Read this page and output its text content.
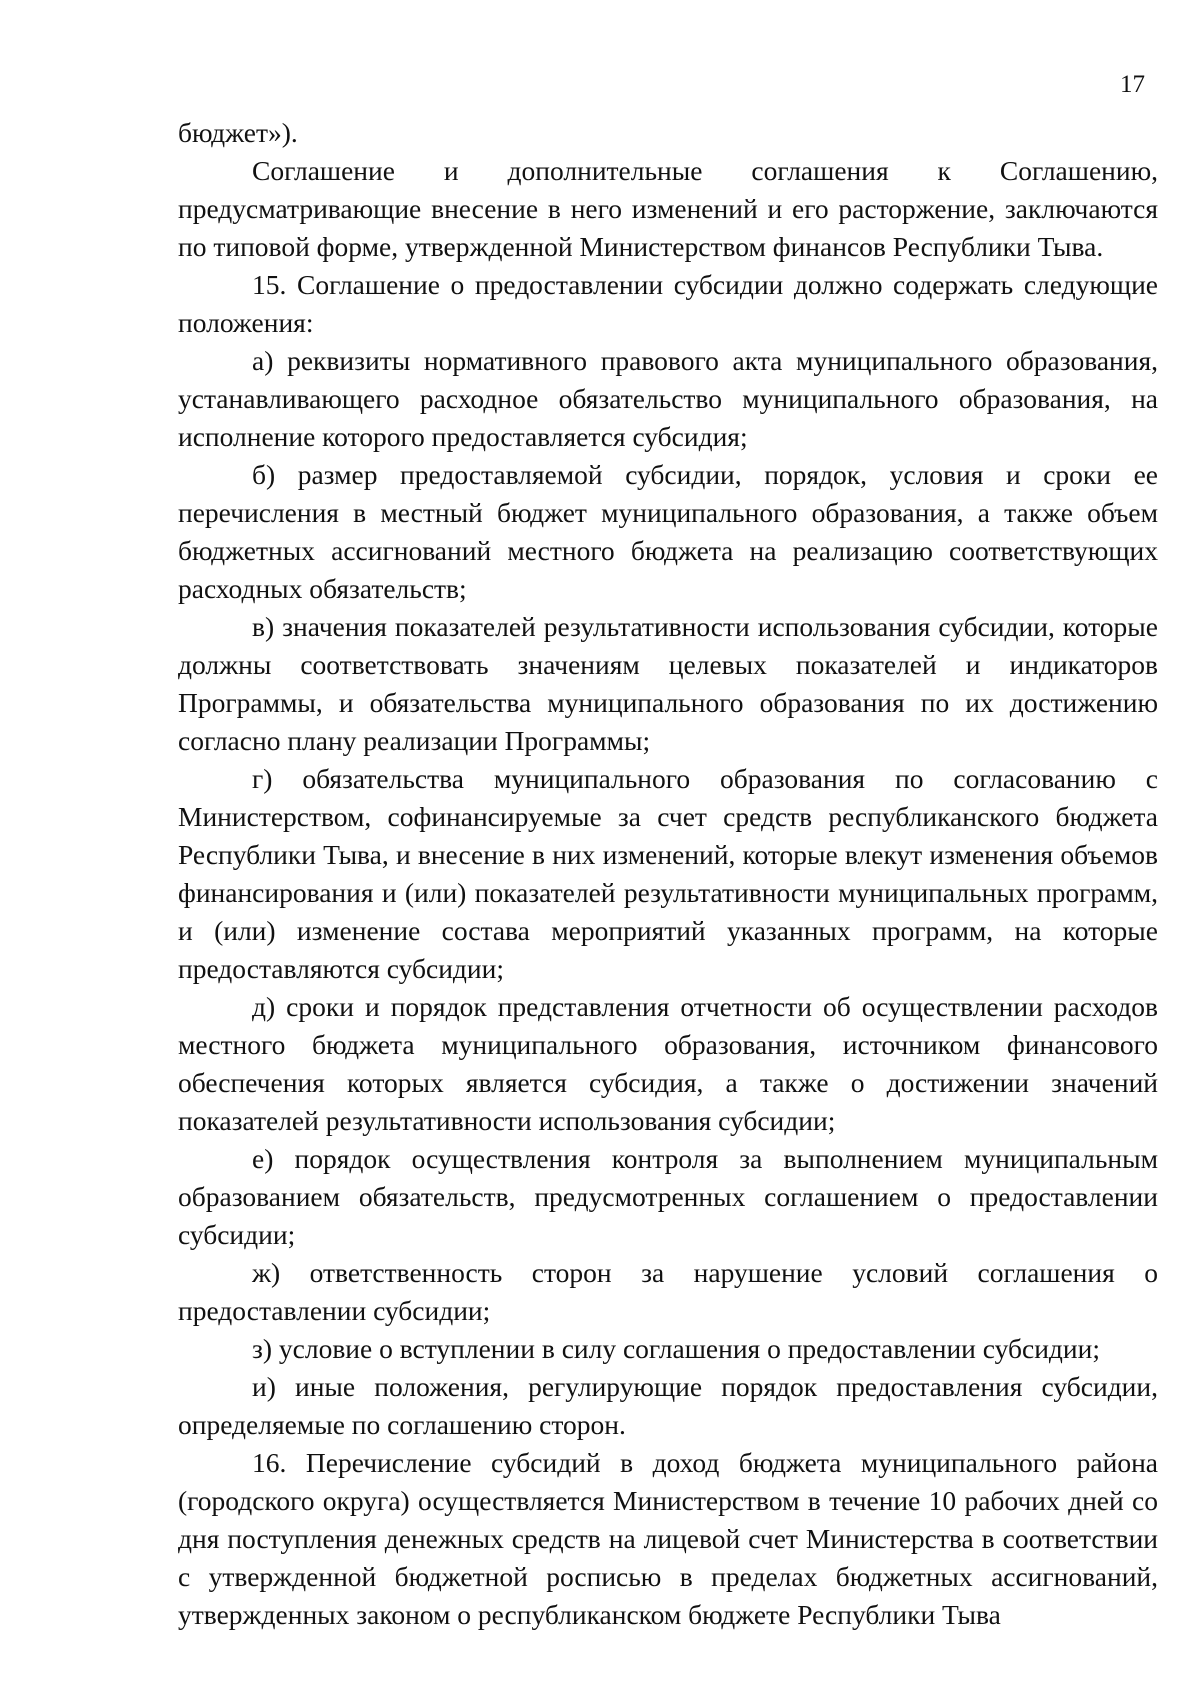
17

бюджет»).

Соглашение и дополнительные соглашения к Соглашению, предусматривающие внесение в него изменений и его расторжение, заключаются по типовой форме, утвержденной Министерством финансов Республики Тыва.

15. Соглашение о предоставлении субсидии должно содержать следующие положения:

а) реквизиты нормативного правового акта муниципального образования, устанавливающего расходное обязательство муниципального образования, на исполнение которого предоставляется субсидия;

б) размер предоставляемой субсидии, порядок, условия и сроки ее перечисления в местный бюджет муниципального образования, а также объем бюджетных ассигнований местного бюджета на реализацию соответствующих расходных обязательств;

в) значения показателей результативности использования субсидии, которые должны соответствовать значениям целевых показателей и индикаторов Программы, и обязательства муниципального образования по их достижению согласно плану реализации Программы;

г) обязательства муниципального образования по согласованию с Министерством, софинансируемые за счет средств республиканского бюджета Республики Тыва, и внесение в них изменений, которые влекут изменения объемов финансирования и (или) показателей результативности муниципальных программ, и (или) изменение состава мероприятий указанных программ, на которые предоставляются субсидии;

д) сроки и порядок представления отчетности об осуществлении расходов местного бюджета муниципального образования, источником финансового обеспечения которых является субсидия, а также о достижении значений показателей результативности использования субсидии;

е) порядок осуществления контроля за выполнением муниципальным образованием обязательств, предусмотренных соглашением о предоставлении субсидии;

ж) ответственность сторон за нарушение условий соглашения о предоставлении субсидии;

з) условие о вступлении в силу соглашения о предоставлении субсидии;

и) иные положения, регулирующие порядок предоставления субсидии, определяемые по соглашению сторон.

16. Перечисление субсидий в доход бюджета муниципального района (городского округа) осуществляется Министерством в течение 10 рабочих дней со дня поступления денежных средств на лицевой счет Министерства в соответствии с утвержденной бюджетной росписью в пределах бюджетных ассигнований, утвержденных законом о республиканском бюджете Республики Тыва
